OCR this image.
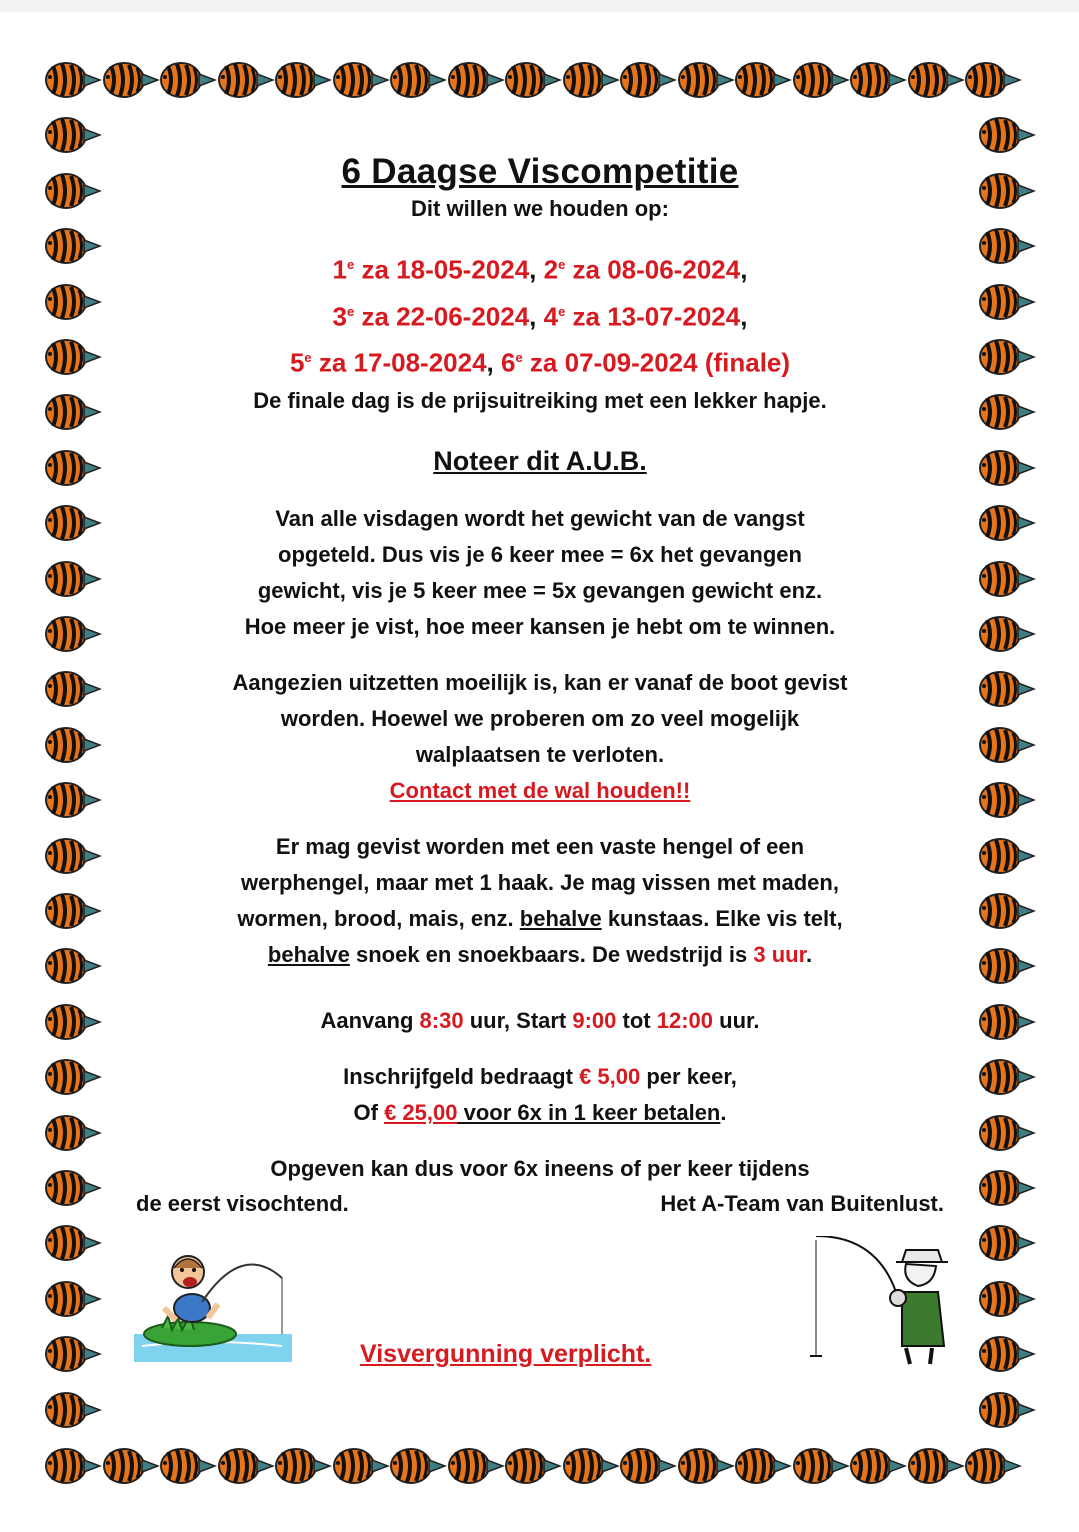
6 Daagse Viscompetitie
Dit willen we houden op:
1e za 18-05-2024, 2e za 08-06-2024,
3e za 22-06-2024, 4e za 13-07-2024,
5e za 17-08-2024, 6e za 07-09-2024 (finale)
De finale dag is de prijsuitreiking met een lekker hapje.
Noteer dit A.U.B.
Van alle visdagen wordt het gewicht van de vangst
opgeteld. Dus vis je 6 keer mee = 6x het gevangen
gewicht, vis je 5 keer mee = 5x gevangen gewicht enz.
Hoe meer je vist, hoe meer kansen je hebt om te winnen.
Aangezien uitzetten moeilijk is, kan er vanaf de boot gevist
worden. Hoewel we proberen om zo veel mogelijk
walplaatsen te verloten.
Contact met de wal houden!!
Er mag gevist worden met een vaste hengel of een
werphengel, maar met 1 haak. Je mag vissen met maden,
wormen, brood, mais, enz. behalve kunstaas. Elke vis telt,
behalve snoek en snoekbaars. De wedstrijd is 3 uur.
Aanvang 8:30 uur, Start 9:00 tot 12:00 uur.
Inschrijfgeld bedraagt € 5,00 per keer,
Of € 25,00 voor 6x in 1 keer betalen.
Opgeven kan dus voor 6x ineens of per keer tijdens
de eerst visochtend.	Het A-Team van Buitenlust.
Visvergunning verplicht.
